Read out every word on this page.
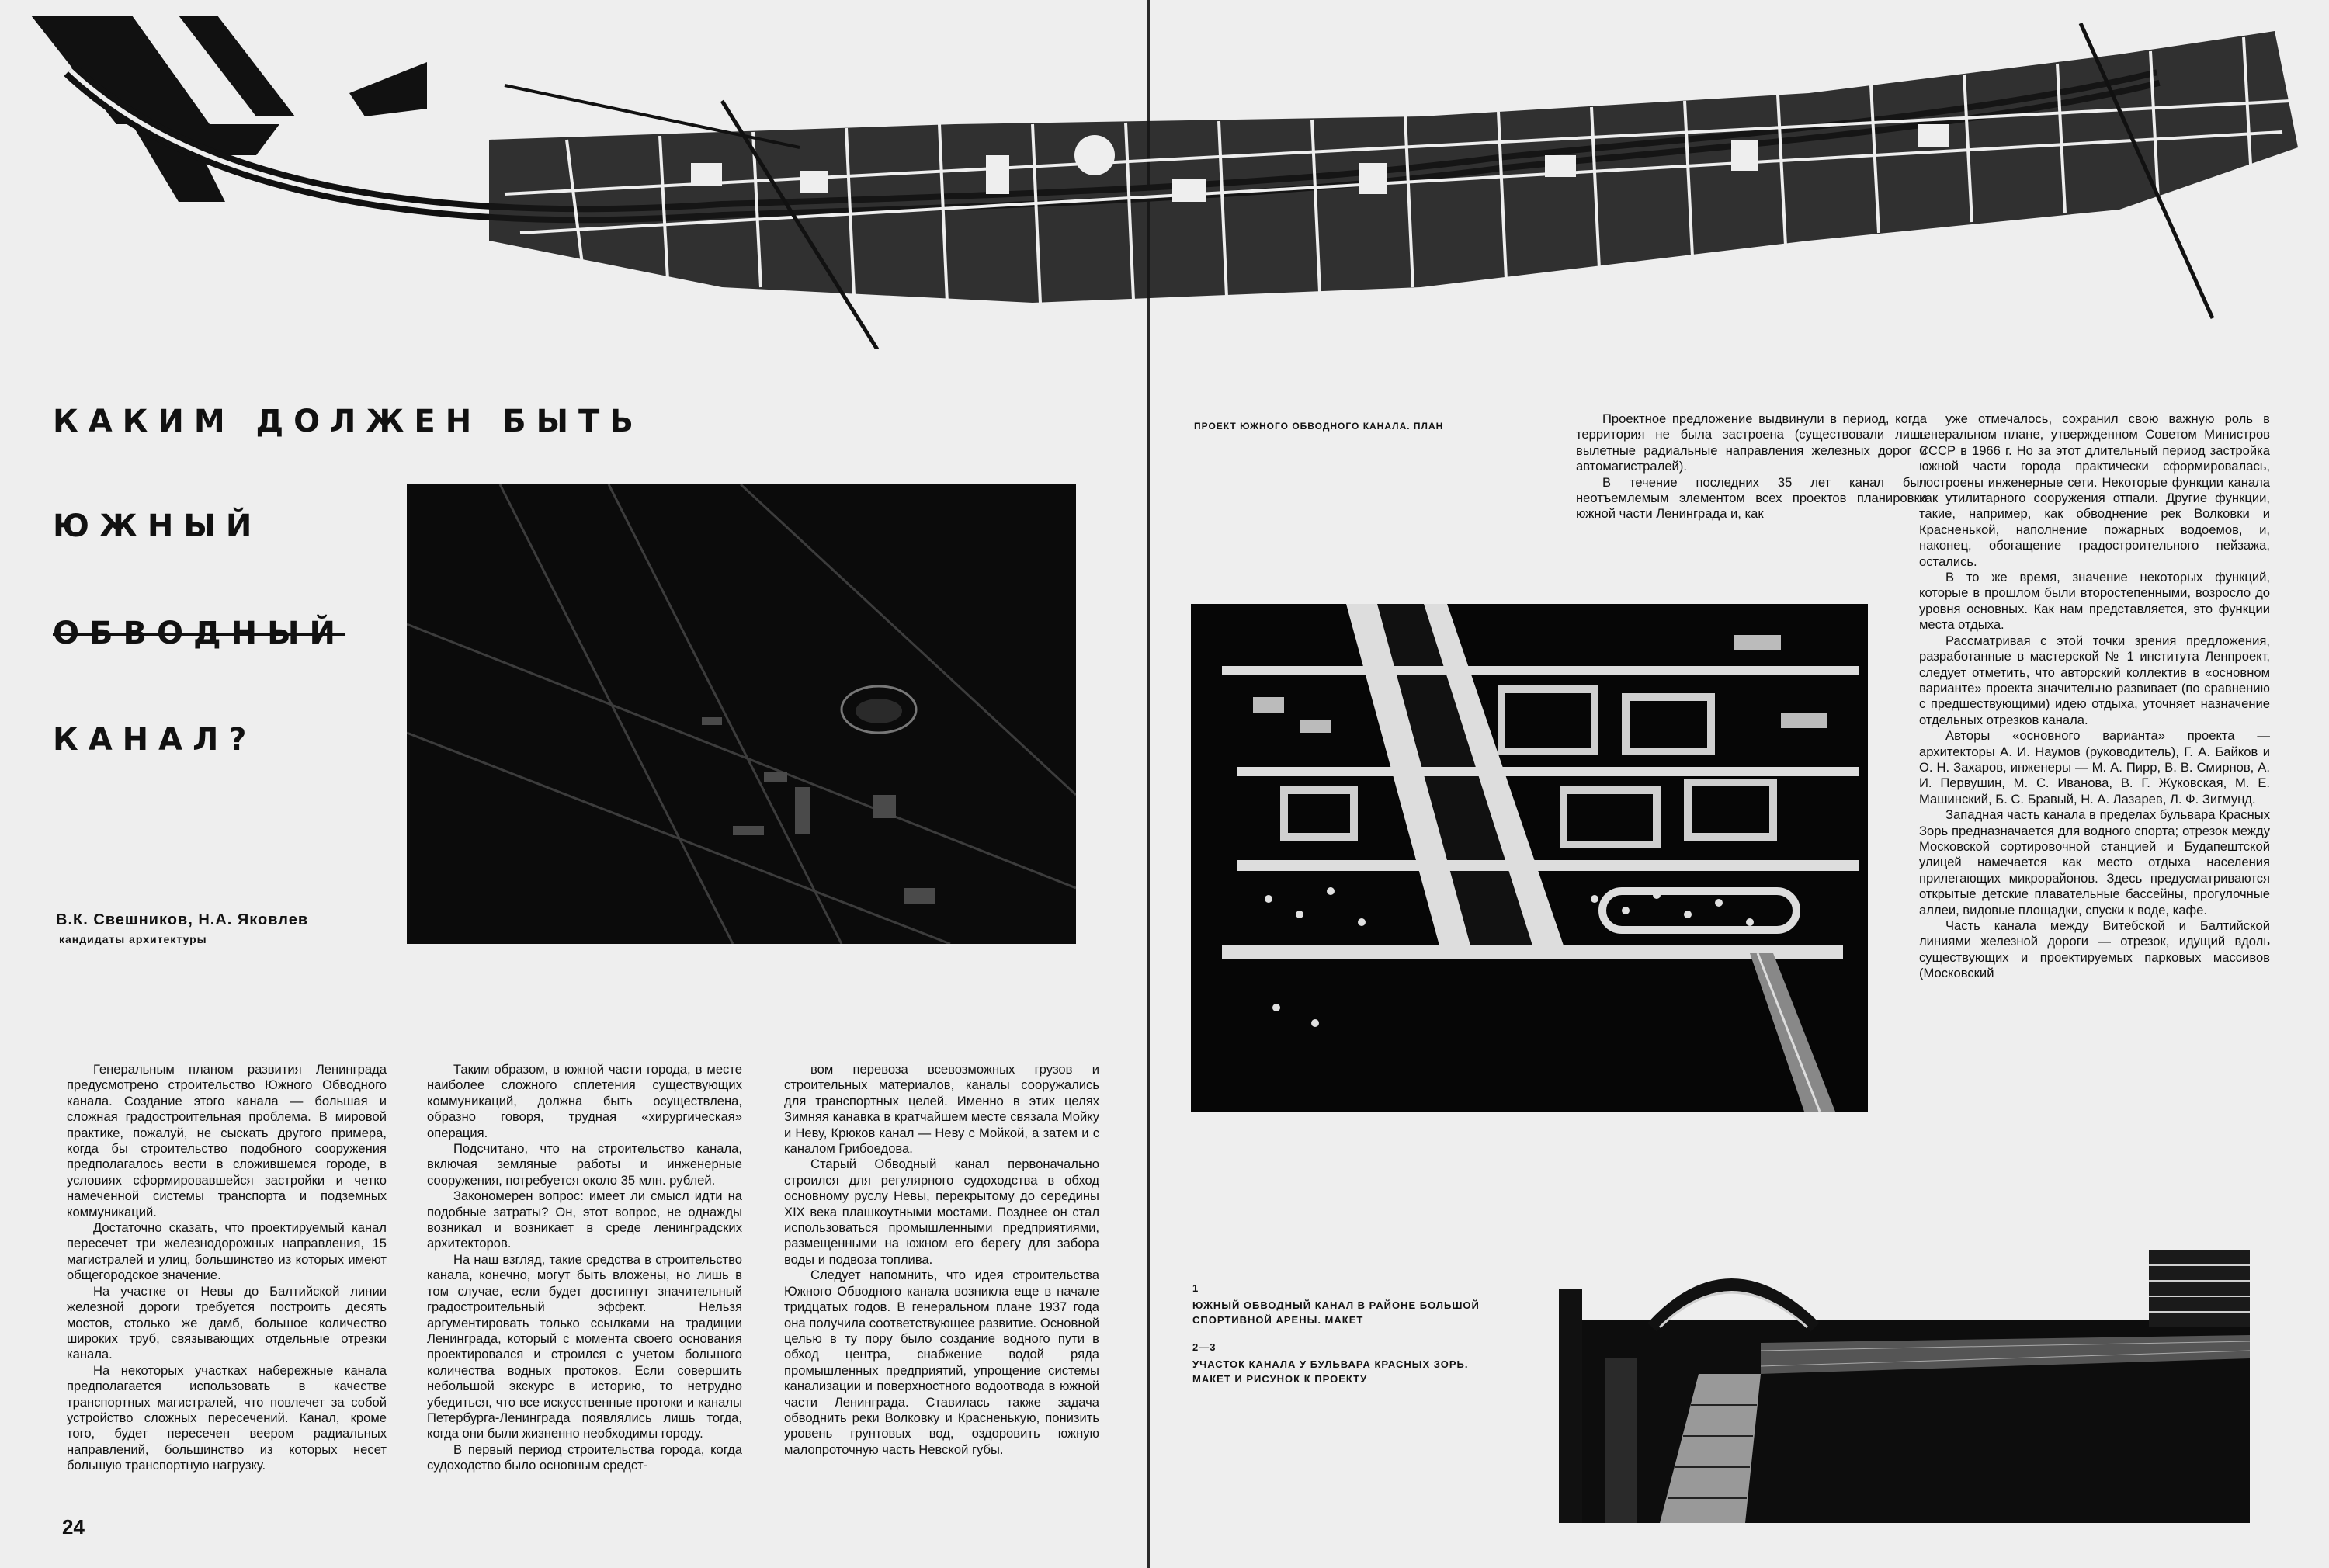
КАКИМ ДОЛЖЕН БЫТЬ
ЮЖНЫЙ
ОБВОДНЫЙ
КАНАЛ?
В.К. Свешников, Н.А. Яковлев
кандидаты архитектуры
ПРОЕКТ ЮЖНОГО ОБВОДНОГО КАНАЛА. ПЛАН
1
ЮЖНЫЙ ОБВОДНЫЙ КАНАЛ В РАЙОНЕ БОЛЬШОЙ СПОРТИВНОЙ АРЕНЫ. МАКЕТ
2—3
УЧАСТОК КАНАЛА У БУЛЬВАРА КРАСНЫХ ЗОРЬ. МАКЕТ И РИСУНОК К ПРОЕКТУ

Проектное предложение выдвинули в период, когда территория не была застроена (существовали лишь вылетные радиальные направления железных дорог и автомагистралей).

В течение последних 35 лет канал был неотъемлемым элементом всех проектов планировки южной части Ленинграда и, как

уже отмечалось, сохранил свою важную роль в генеральном плане, утвержденном Советом Министров СССР в 1966 г. Но за этот длительный период застройка южной части города практически сформировалась, построены инженерные сети. Некоторые функции канала как утилитарного сооружения отпали. Другие функции, такие, например, как обводнение рек Волковки и Красненькой, наполнение пожарных водоемов, и, наконец, обогащение градостроительного пейзажа, остались.

В то же время, значение некоторых функций, которые в прошлом были второстепенными, возросло до уровня основных. Как нам представляется, это функции места отдыха.

Рассматривая с этой точки зрения предложения, разработанные в мастерской № 1 института Ленпроект, следует отметить, что авторский коллектив в «основном варианте» проекта значительно развивает (по сравнению с предшествующими) идею отдыха, уточняет назначение отдельных отрезков канала.

Авторы «основного варианта» проекта — архитекторы А. И. Наумов (руководитель), Г. А. Байков и О. Н. Захаров, инженеры — М. А. Пирр, В. В. Смирнов, А. И. Первушин, М. С. Иванова, В. Г. Жуковская, М. Е. Машинский, Б. С. Бравый, Н. А. Лазарев, Л. Ф. Зигмунд.

Западная часть канала в пределах бульвара Красных Зорь предназначается для водного спорта; отрезок между Московской сортировочной станцией и Будапештской улицей намечается как место отдыха населения прилегающих микрорайонов. Здесь предусматриваются открытые детские плавательные бассейны, прогулочные аллеи, видовые площадки, спуски к воде, кафе.

Часть канала между Витебской и Балтийской линиями железной дороги — отрезок, идущий вдоль существующих и проектируемых парковых массивов (Московский

Генеральным планом развития Ленинграда предусмотрено строительство Южного Обводного канала. Создание этого канала — большая и сложная градостроительная проблема. В мировой практике, пожалуй, не сыскать другого примера, когда бы строительство подобного сооружения предполагалось вести в сложившемся городе, в условиях сформировавшейся застройки и четко намеченной системы транспорта и подземных коммуникаций.

Достаточно сказать, что проектируемый канал пересечет три железнодорожных направления, 15 магистралей и улиц, большинство из которых имеют общегородское значение.

На участке от Невы до Балтийской линии железной дороги требуется построить десять мостов, столько же дамб, большое количество широких труб, связывающих отдельные отрезки канала.

На некоторых участках набережные канала предполагается использовать в качестве транспортных магистралей, что повлечет за собой устройство сложных пересечений. Канал, кроме того, будет пересечен веером радиальных направлений, большинство из которых несет большую транспортную нагрузку.

Таким образом, в южной части города, в месте наиболее сложного сплетения существующих коммуникаций, должна быть осуществлена, образно говоря, трудная «хирургическая» операция.

Подсчитано, что на строительство канала, включая земляные работы и инженерные сооружения, потребуется около 35 млн. рублей.

Закономерен вопрос: имеет ли смысл идти на подобные затраты? Он, этот вопрос, не однажды возникал и возникает в среде ленинградских архитекторов.

На наш взгляд, такие средства в строительство канала, конечно, могут быть вложены, но лишь в том случае, если будет достигнут значительный градостроительный эффект. Нельзя аргументировать только ссылками на традиции Ленинграда, который с момента своего основания проектировался и строился с учетом большого количества водных протоков. Если совершить небольшой экскурс в историю, то нетрудно убедиться, что все искусственные протоки и каналы Петербурга-Ленинграда появлялись лишь тогда, когда они были жизненно необходимы городу.

В первый период строительства города, когда судоходство было основным средст-

вом перевоза всевозможных грузов и строительных материалов, каналы сооружались для транспортных целей. Именно в этих целях Зимняя канавка в кратчайшем месте связала Мойку и Неву, Крюков канал — Неву с Мойкой, а затем и с каналом Грибоедова.

Старый Обводный канал первоначально строился для регулярного судоходства в обход основному руслу Невы, перекрытому до середины XIX века плашкоутными мостами. Позднее он стал использоваться промышленными предприятиями, размещенными на южном его берегу для забора воды и подвоза топлива.

Следует напомнить, что идея строительства Южного Обводного канала возникла еще в начале тридцатых годов. В генеральном плане 1937 года она получила соответствующее развитие. Основной целью в ту пору было создание водного пути в обход центра, снабжение водой ряда промышленных предприятий, упрощение системы канализации и поверхностного водоотвода в южной части Ленинграда. Ставилась также задача обводнить реки Волковку и Красненькую, понизить уровень грунтовых вод, оздоровить южную малопроточную часть Невской губы.

24
